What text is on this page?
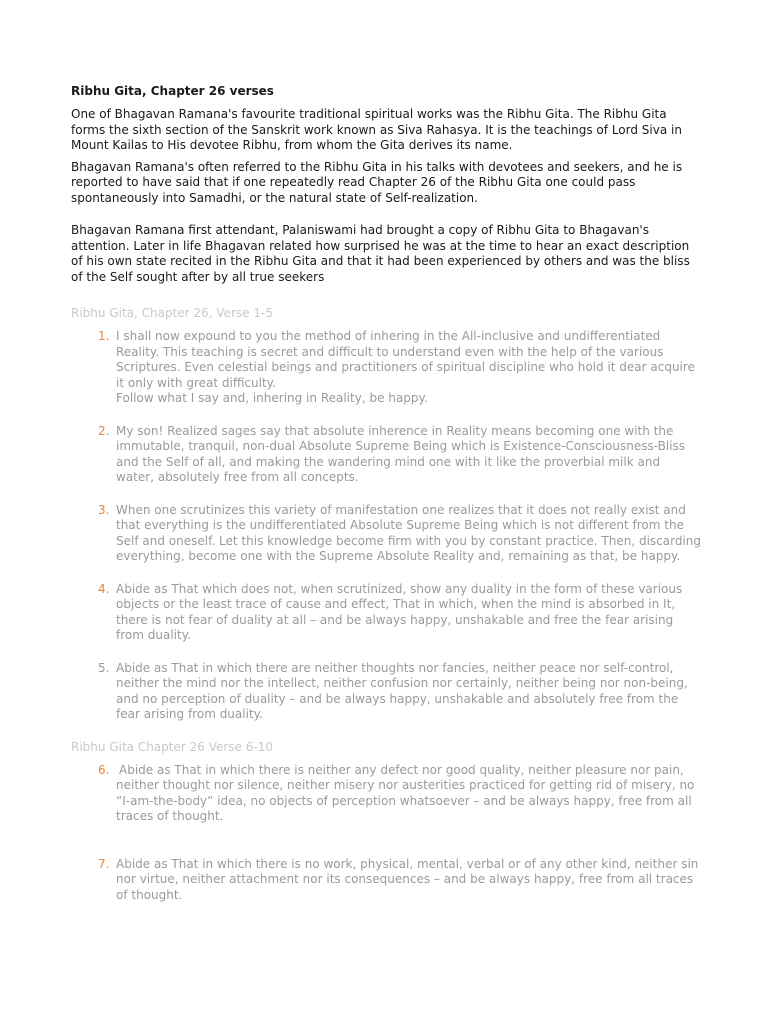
Ribhu Gita, Chapter 26 verses

One of Bhagavan Ramana's favourite traditional spiritual works was the Ribhu Gita. The Ribhu Gita forms the sixth section of the Sanskrit work known as Siva Rahasya. It is the teachings of Lord Siva in Mount Kailas to His devotee Ribhu, from whom the Gita derives its name.

Bhagavan Ramana's often referred to the Ribhu Gita in his talks with devotees and seekers, and he is reported to have said that if one repeatedly read Chapter 26 of the Ribhu Gita one could pass spontaneously into Samadhi, or the natural state of Self-realization.

Bhagavan Ramana first attendant, Palaniswami had brought a copy of Ribhu Gita to Bhagavan's attention. Later in life Bhagavan related how surprised he was at the time to hear an exact description of his own state recited in the Ribhu Gita and that it had been experienced by others and was the bliss of the Self sought after by all true seekers

Ribhu Gita, Chapter 26, Verse 1-5

1. I shall now expound to you the method of inhering in the All-inclusive and undifferentiated Reality. This teaching is secret and difficult to understand even with the help of the various Scriptures. Even celestial beings and practitioners of spiritual discipline who hold it dear acquire it only with great difficulty.
Follow what I say and, inhering in Reality, be happy.
2. My son! Realized sages say that absolute inherence in Reality means becoming one with the immutable, tranquil, non-dual Absolute Supreme Being which is Existence-Consciousness-Bliss and the Self of all, and making the wandering mind one with it like the proverbial milk and water, absolutely free from all concepts.
3. When one scrutinizes this variety of manifestation one realizes that it does not really exist and that everything is the undifferentiated Absolute Supreme Being which is not different from the Self and oneself. Let this knowledge become firm with you by constant practice. Then, discarding everything, become one with the Supreme Absolute Reality and, remaining as that, be happy.
4. Abide as That which does not, when scrutinized, show any duality in the form of these various objects or the least trace of cause and effect, That in which, when the mind is absorbed in It, there is not fear of duality at all – and be always happy, unshakable and free the fear arising from duality.
5. Abide as That in which there are neither thoughts nor fancies, neither peace nor self-control, neither the mind nor the intellect, neither confusion nor certainly, neither being nor non-being, and no perception of duality – and be always happy, unshakable and absolutely free from the fear arising from duality.

Ribhu Gita Chapter 26 Verse 6-10

6. Abide as That in which there is neither any defect nor good quality, neither pleasure nor pain, neither thought nor silence, neither misery nor austerities practiced for getting rid of misery, no “I-am-the-body” idea, no objects of perception whatsoever – and be always happy, free from all traces of thought.
7. Abide as That in which there is no work, physical, mental, verbal or of any other kind, neither sin nor virtue, neither attachment nor its consequences – and be always happy, free from all traces of thought.
